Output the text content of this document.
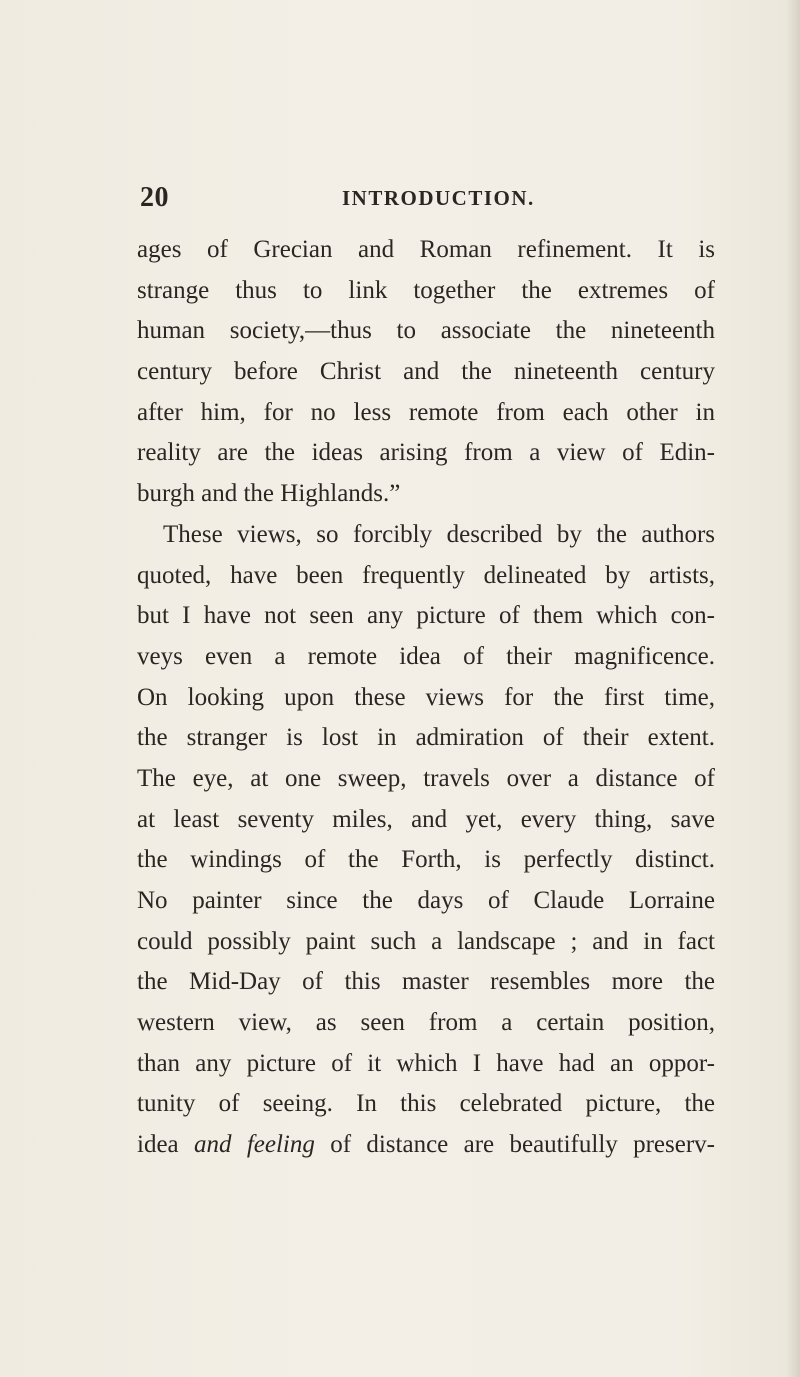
20	INTRODUCTION.
ages of Grecian and Roman refinement. It is
strange thus to link together the extremes of
human society,—thus to associate the nineteenth
century before Christ and the nineteenth century
after him, for no less remote from each other in
reality are the ideas arising from a view of Edin-
burgh and the Highlands.”
These views, so forcibly described by the authors
quoted, have been frequently delineated by artists,
but I have not seen any picture of them which con-
veys even a remote idea of their magnificence.
On looking upon these views for the first time,
the stranger is lost in admiration of their extent.
The eye, at one sweep, travels over a distance of
at least seventy miles, and yet, every thing, save
the windings of the Forth, is perfectly distinct.
No painter since the days of Claude Lorraine
could possibly paint such a landscape ; and in fact
the Mid-Day of this master resembles more the
western view, as seen from a certain position,
than any picture of it which I have had an oppor-
tunity of seeing. In this celebrated picture, the
idea and feeling of distance are beautifully preserv-
